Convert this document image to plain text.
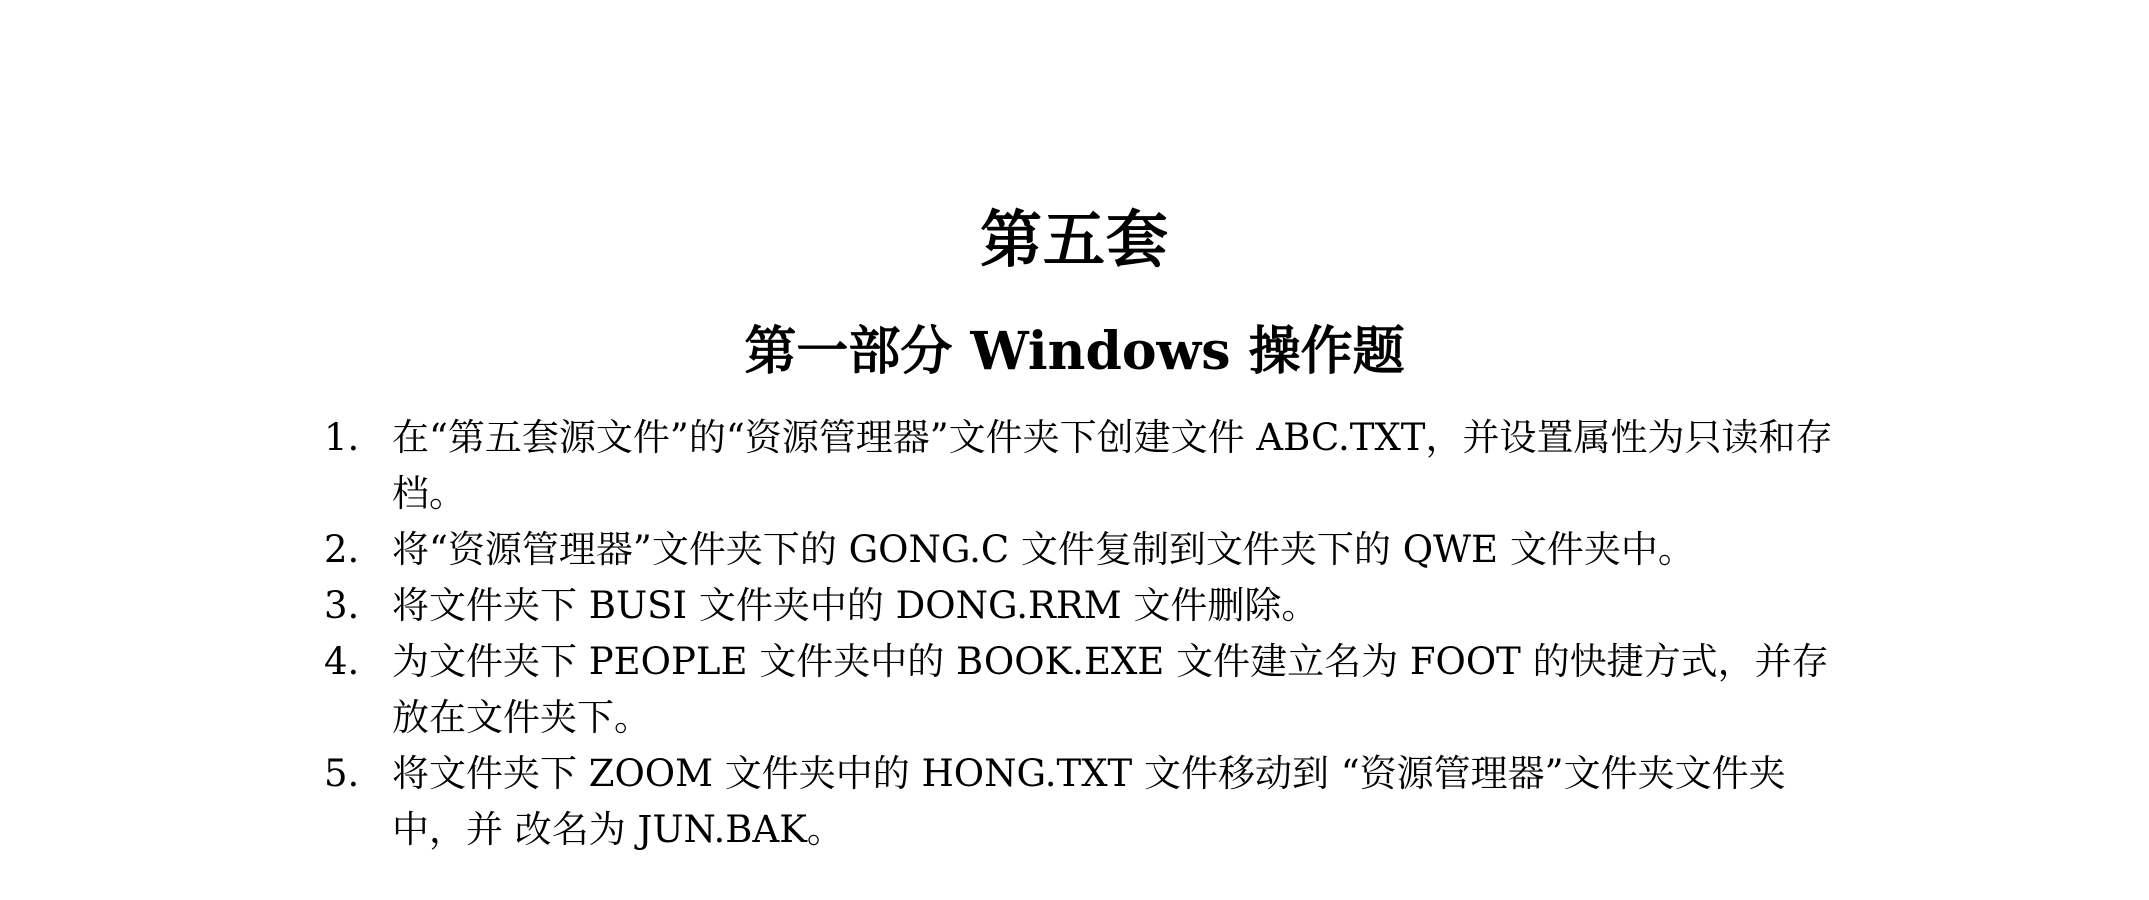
第五套
第一部分 Windows 操作题
1. 在“第五套源文件”的“资源管理器”文件夹下创建文件 ABC.TXT，并设置属性为只读和存档。
2. 将“资源管理器”文件夹下的 GONG.C 文件复制到文件夹下的 QWE 文件夹中。
3. 将文件夹下 BUSI 文件夹中的 DONG.RRM 文件删除。
4. 为文件夹下 PEOPLE 文件夹中的 BOOK.EXE 文件建立名为 FOOT 的快捷方式，并存放在文件夹下。
5. 将文件夹下 ZOOM 文件夹中的 HONG.TXT 文件移动到 “资源管理器”文件夹文件夹中，并 改名为 JUN.BAK。
